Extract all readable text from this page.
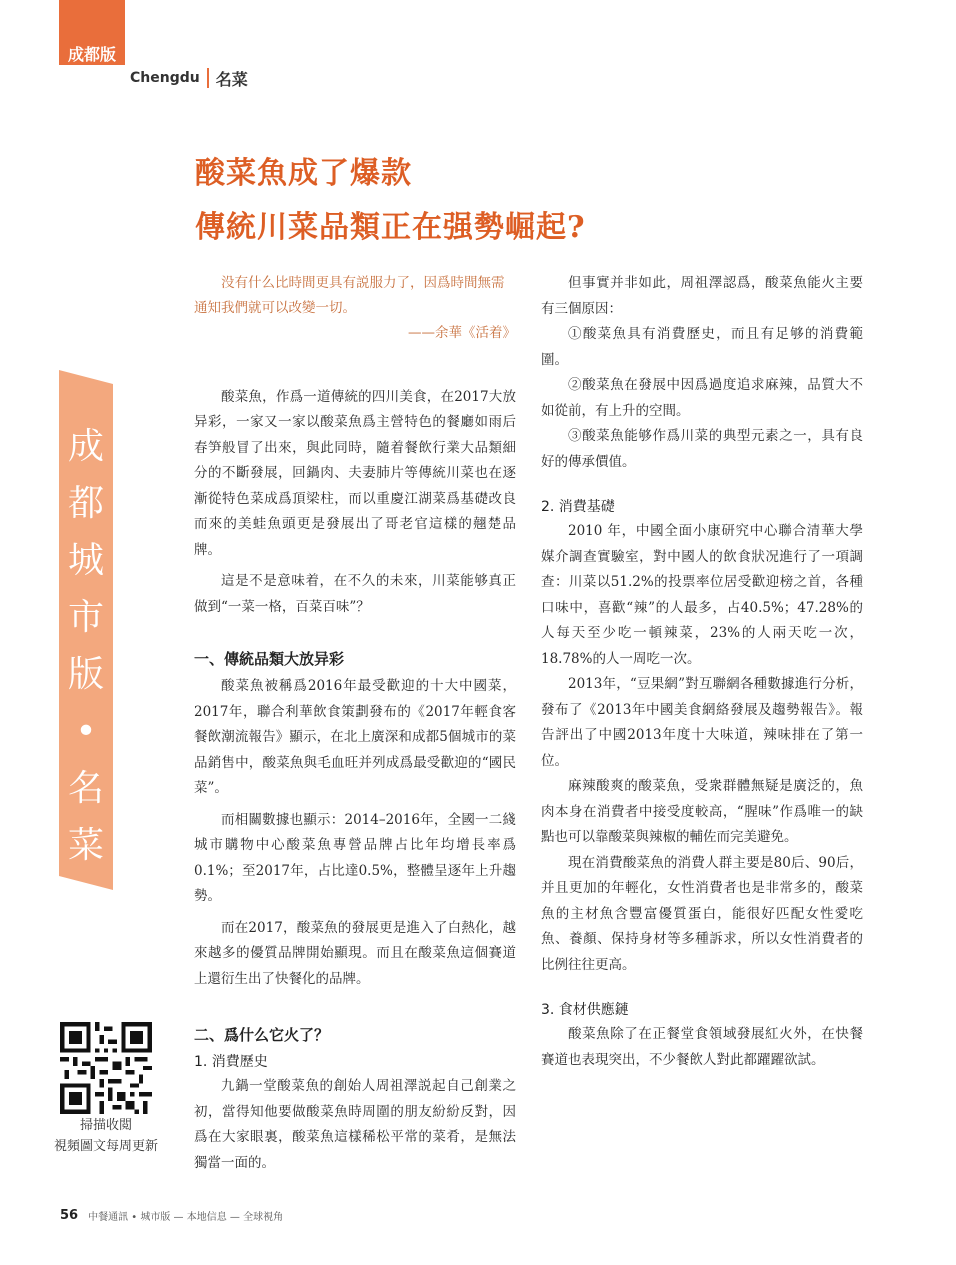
成都版
Chengdu 名菜
成
都
城
市
版
•
名
菜
酸菜魚成了爆款
傳統川菜品類正在强勢崛起?

没有什么比時間更具有説服力了，因爲時間無需通知我們就可以改變一切。

——余華《活着》

酸菜魚，作爲一道傳統的四川美食，在2017大放异彩，一家又一家以酸菜魚爲主營特色的餐廳如雨后春笋般冒了出來，與此同時，隨着餐飲行業大品類細分的不斷發展，回鍋肉、夫妻肺片等傳統川菜也在逐漸從特色菜成爲頂梁柱，而以重慶江湖菜爲基礎改良而來的美蛙魚頭更是發展出了哥老官這樣的翹楚品牌。

這是不是意味着，在不久的未來，川菜能够真正做到“一菜一格，百菜百味”？

一、傳統品類大放异彩

酸菜魚被稱爲2016年最受歡迎的十大中國菜，2017年，聯合利華飲食策劃發布的《2017年輕食客餐飲潮流報告》顯示，在北上廣深和成都5個城市的菜品銷售中，酸菜魚與毛血旺并列成爲最受歡迎的“國民菜”。

而相關數據也顯示：2014–2016年，全國一二綫城市購物中心酸菜魚專營品牌占比年均增長率爲0.1%；至2017年，占比達0.5%，整體呈逐年上升趨勢。

而在2017，酸菜魚的發展更是進入了白熱化，越來越多的優質品牌開始顯現。而且在酸菜魚這個賽道上還衍生出了快餐化的品牌。

二、爲什么它火了？
1. 消費歷史

九鍋一堂酸菜魚的創始人周祖澤説起自己創業之初，當得知他要做酸菜魚時周圍的朋友紛紛反對，因爲在大家眼裏，酸菜魚這樣稀松平常的菜肴，是無法獨當一面的。

但事實并非如此，周祖澤認爲，酸菜魚能火主要有三個原因：

①酸菜魚具有消費歷史，而且有足够的消費範圍。

②酸菜魚在發展中因爲過度追求麻辣，品質大不如從前，有上升的空間。

③酸菜魚能够作爲川菜的典型元素之一，具有良好的傳承價值。

2. 消費基礎

2010 年，中國全面小康研究中心聯合清華大學媒介調查實驗室，對中國人的飲食狀况進行了一項調查：川菜以51.2%的投票率位居受歡迎榜之首，各種口味中，喜歡“辣”的人最多，占40.5%；47.28%的人每天至少吃一頓辣菜，23%的人兩天吃一次，18.78%的人一周吃一次。

2013年，“豆果網”對互聯網各種數據進行分析，發布了《2013年中國美食網絡發展及趨勢報告》。報告評出了中國2013年度十大味道，辣味排在了第一位。

麻辣酸爽的酸菜魚，受衆群體無疑是廣泛的，魚肉本身在消費者中接受度較高，“腥味”作爲唯一的缺點也可以靠酸菜與辣椒的輔佐而完美避免。

現在消費酸菜魚的消費人群主要是80后、90后，并且更加的年輕化，女性消費者也是非常多的，酸菜魚的主材魚含豐富優質蛋白，能很好匹配女性愛吃魚、養顏、保持身材等多種訴求，所以女性消費者的比例往往更高。

3. 食材供應鏈

酸菜魚除了在正餐堂食領域發展紅火外，在快餐賽道也表現突出，不少餐飲人對此都躍躍欲試。

掃描收閲
視頻圖文每周更新
56 中餐通訊 • 城市版 — 本地信息 — 全球視角
